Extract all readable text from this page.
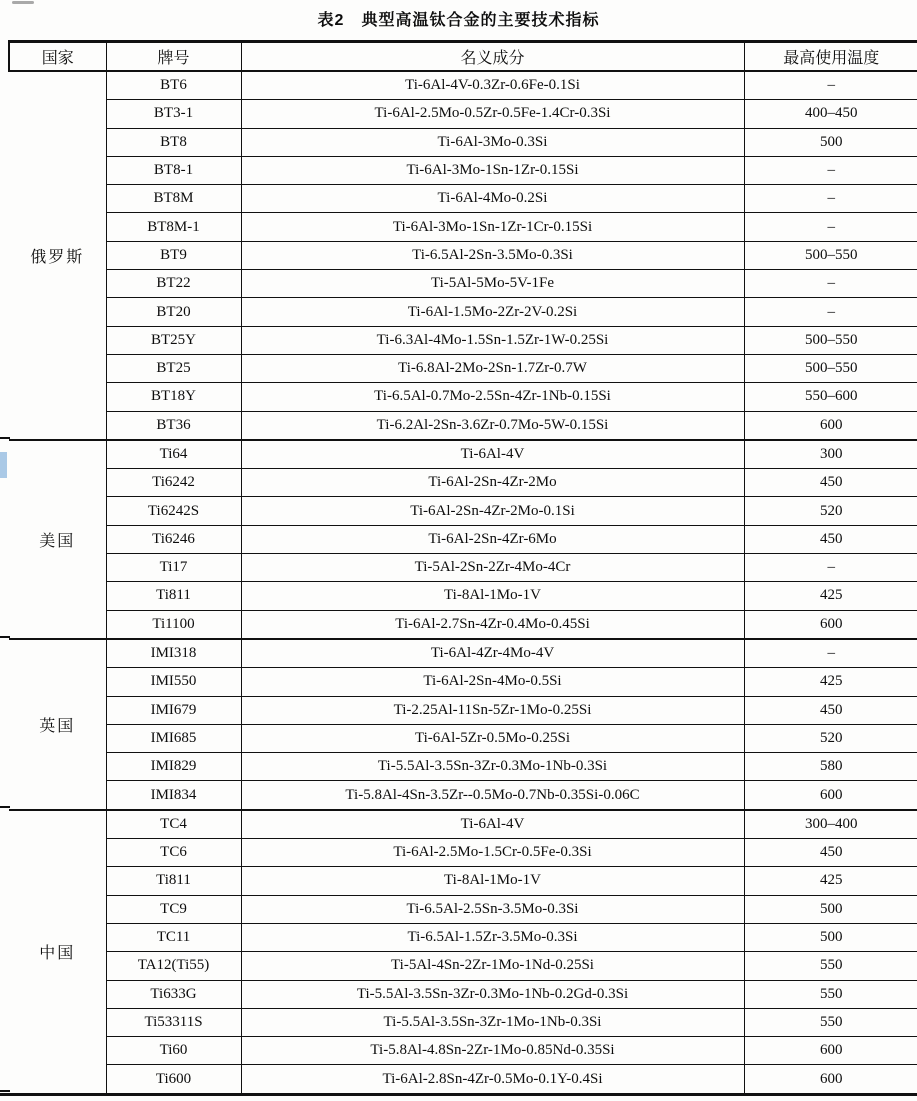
表2　典型高温钛合金的主要技术指标
国家	牌号	名义成分	最高使用温度
俄罗斯	BT6	Ti-6Al-4V-0.3Zr-0.6Fe-0.1Si	–
	BT3-1	Ti-6Al-2.5Mo-0.5Zr-0.5Fe-1.4Cr-0.3Si	400–450
	BT8	Ti-6Al-3Mo-0.3Si	500
	BT8-1	Ti-6Al-3Mo-1Sn-1Zr-0.15Si	–
	BT8M	Ti-6Al-4Mo-0.2Si	–
	BT8M-1	Ti-6Al-3Mo-1Sn-1Zr-1Cr-0.15Si	–
	BT9	Ti-6.5Al-2Sn-3.5Mo-0.3Si	500–550
	BT22	Ti-5Al-5Mo-5V-1Fe	–
	BT20	Ti-6Al-1.5Mo-2Zr-2V-0.2Si	–
	BT25Y	Ti-6.3Al-4Mo-1.5Sn-1.5Zr-1W-0.25Si	500–550
	BT25	Ti-6.8Al-2Mo-2Sn-1.7Zr-0.7W	500–550
	BT18Y	Ti-6.5Al-0.7Mo-2.5Sn-4Zr-1Nb-0.15Si	550–600
	BT36	Ti-6.2Al-2Sn-3.6Zr-0.7Mo-5W-0.15Si	600
美国	Ti64	Ti-6Al-4V	300
	Ti6242	Ti-6Al-2Sn-4Zr-2Mo	450
	Ti6242S	Ti-6Al-2Sn-4Zr-2Mo-0.1Si	520
	Ti6246	Ti-6Al-2Sn-4Zr-6Mo	450
	Ti17	Ti-5Al-2Sn-2Zr-4Mo-4Cr	–
	Ti811	Ti-8Al-1Mo-1V	425
	Ti1100	Ti-6Al-2.7Sn-4Zr-0.4Mo-0.45Si	600
英国	IMI318	Ti-6Al-4Zr-4Mo-4V	–
	IMI550	Ti-6Al-2Sn-4Mo-0.5Si	425
	IMI679	Ti-2.25Al-11Sn-5Zr-1Mo-0.25Si	450
	IMI685	Ti-6Al-5Zr-0.5Mo-0.25Si	520
	IMI829	Ti-5.5Al-3.5Sn-3Zr-0.3Mo-1Nb-0.3Si	580
	IMI834	Ti-5.8Al-4Sn-3.5Zr--0.5Mo-0.7Nb-0.35Si-0.06C	600
中国	TC4	Ti-6Al-4V	300–400
	TC6	Ti-6Al-2.5Mo-1.5Cr-0.5Fe-0.3Si	450
	Ti811	Ti-8Al-1Mo-1V	425
	TC9	Ti-6.5Al-2.5Sn-3.5Mo-0.3Si	500
	TC11	Ti-6.5Al-1.5Zr-3.5Mo-0.3Si	500
	TA12(Ti55)	Ti-5Al-4Sn-2Zr-1Mo-1Nd-0.25Si	550
	Ti633G	Ti-5.5Al-3.5Sn-3Zr-0.3Mo-1Nb-0.2Gd-0.3Si	550
	Ti53311S	Ti-5.5Al-3.5Sn-3Zr-1Mo-1Nb-0.3Si	550
	Ti60	Ti-5.8Al-4.8Sn-2Zr-1Mo-0.85Nd-0.35Si	600
	Ti600	Ti-6Al-2.8Sn-4Zr-0.5Mo-0.1Y-0.4Si	600
